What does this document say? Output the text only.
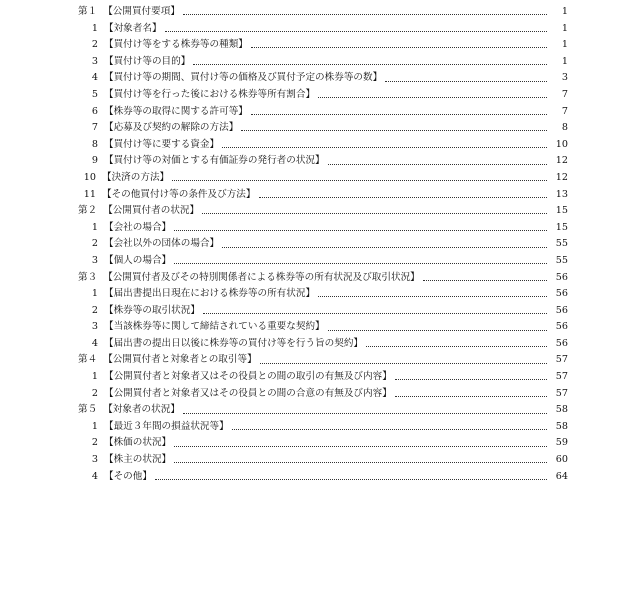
第１ 【公開買付要項】	1
1 【対象者名】	1
2 【買付け等をする株券等の種類】	1
3 【買付け等の目的】	1
4 【買付け等の期間、買付け等の価格及び買付予定の株券等の数】	3
5 【買付け等を行った後における株券等所有割合】	7
6 【株券等の取得に関する許可等】	7
7 【応募及び契約の解除の方法】	8
8 【買付け等に要する資金】	10
9 【買付け等の対価とする有価証券の発行者の状況】	12
10 【決済の方法】	12
11 【その他買付け等の条件及び方法】	13
第２ 【公開買付者の状況】	15
1 【会社の場合】	15
2 【会社以外の団体の場合】	55
3 【個人の場合】	55
第３ 【公開買付者及びその特別関係者による株券等の所有状況及び取引状況】	56
1 【届出書提出日現在における株券等の所有状況】	56
2 【株券等の取引状況】	56
3 【当該株券等に関して締結されている重要な契約】	56
4 【届出書の提出日以後に株券等の買付け等を行う旨の契約】	56
第４ 【公開買付者と対象者との取引等】	57
1 【公開買付者と対象者又はその役員との間の取引の有無及び内容】	57
2 【公開買付者と対象者又はその役員との間の合意の有無及び内容】	57
第５ 【対象者の状況】	58
1 【最近３年間の損益状況等】	58
2 【株価の状況】	59
3 【株主の状況】	60
4 【その他】	64
